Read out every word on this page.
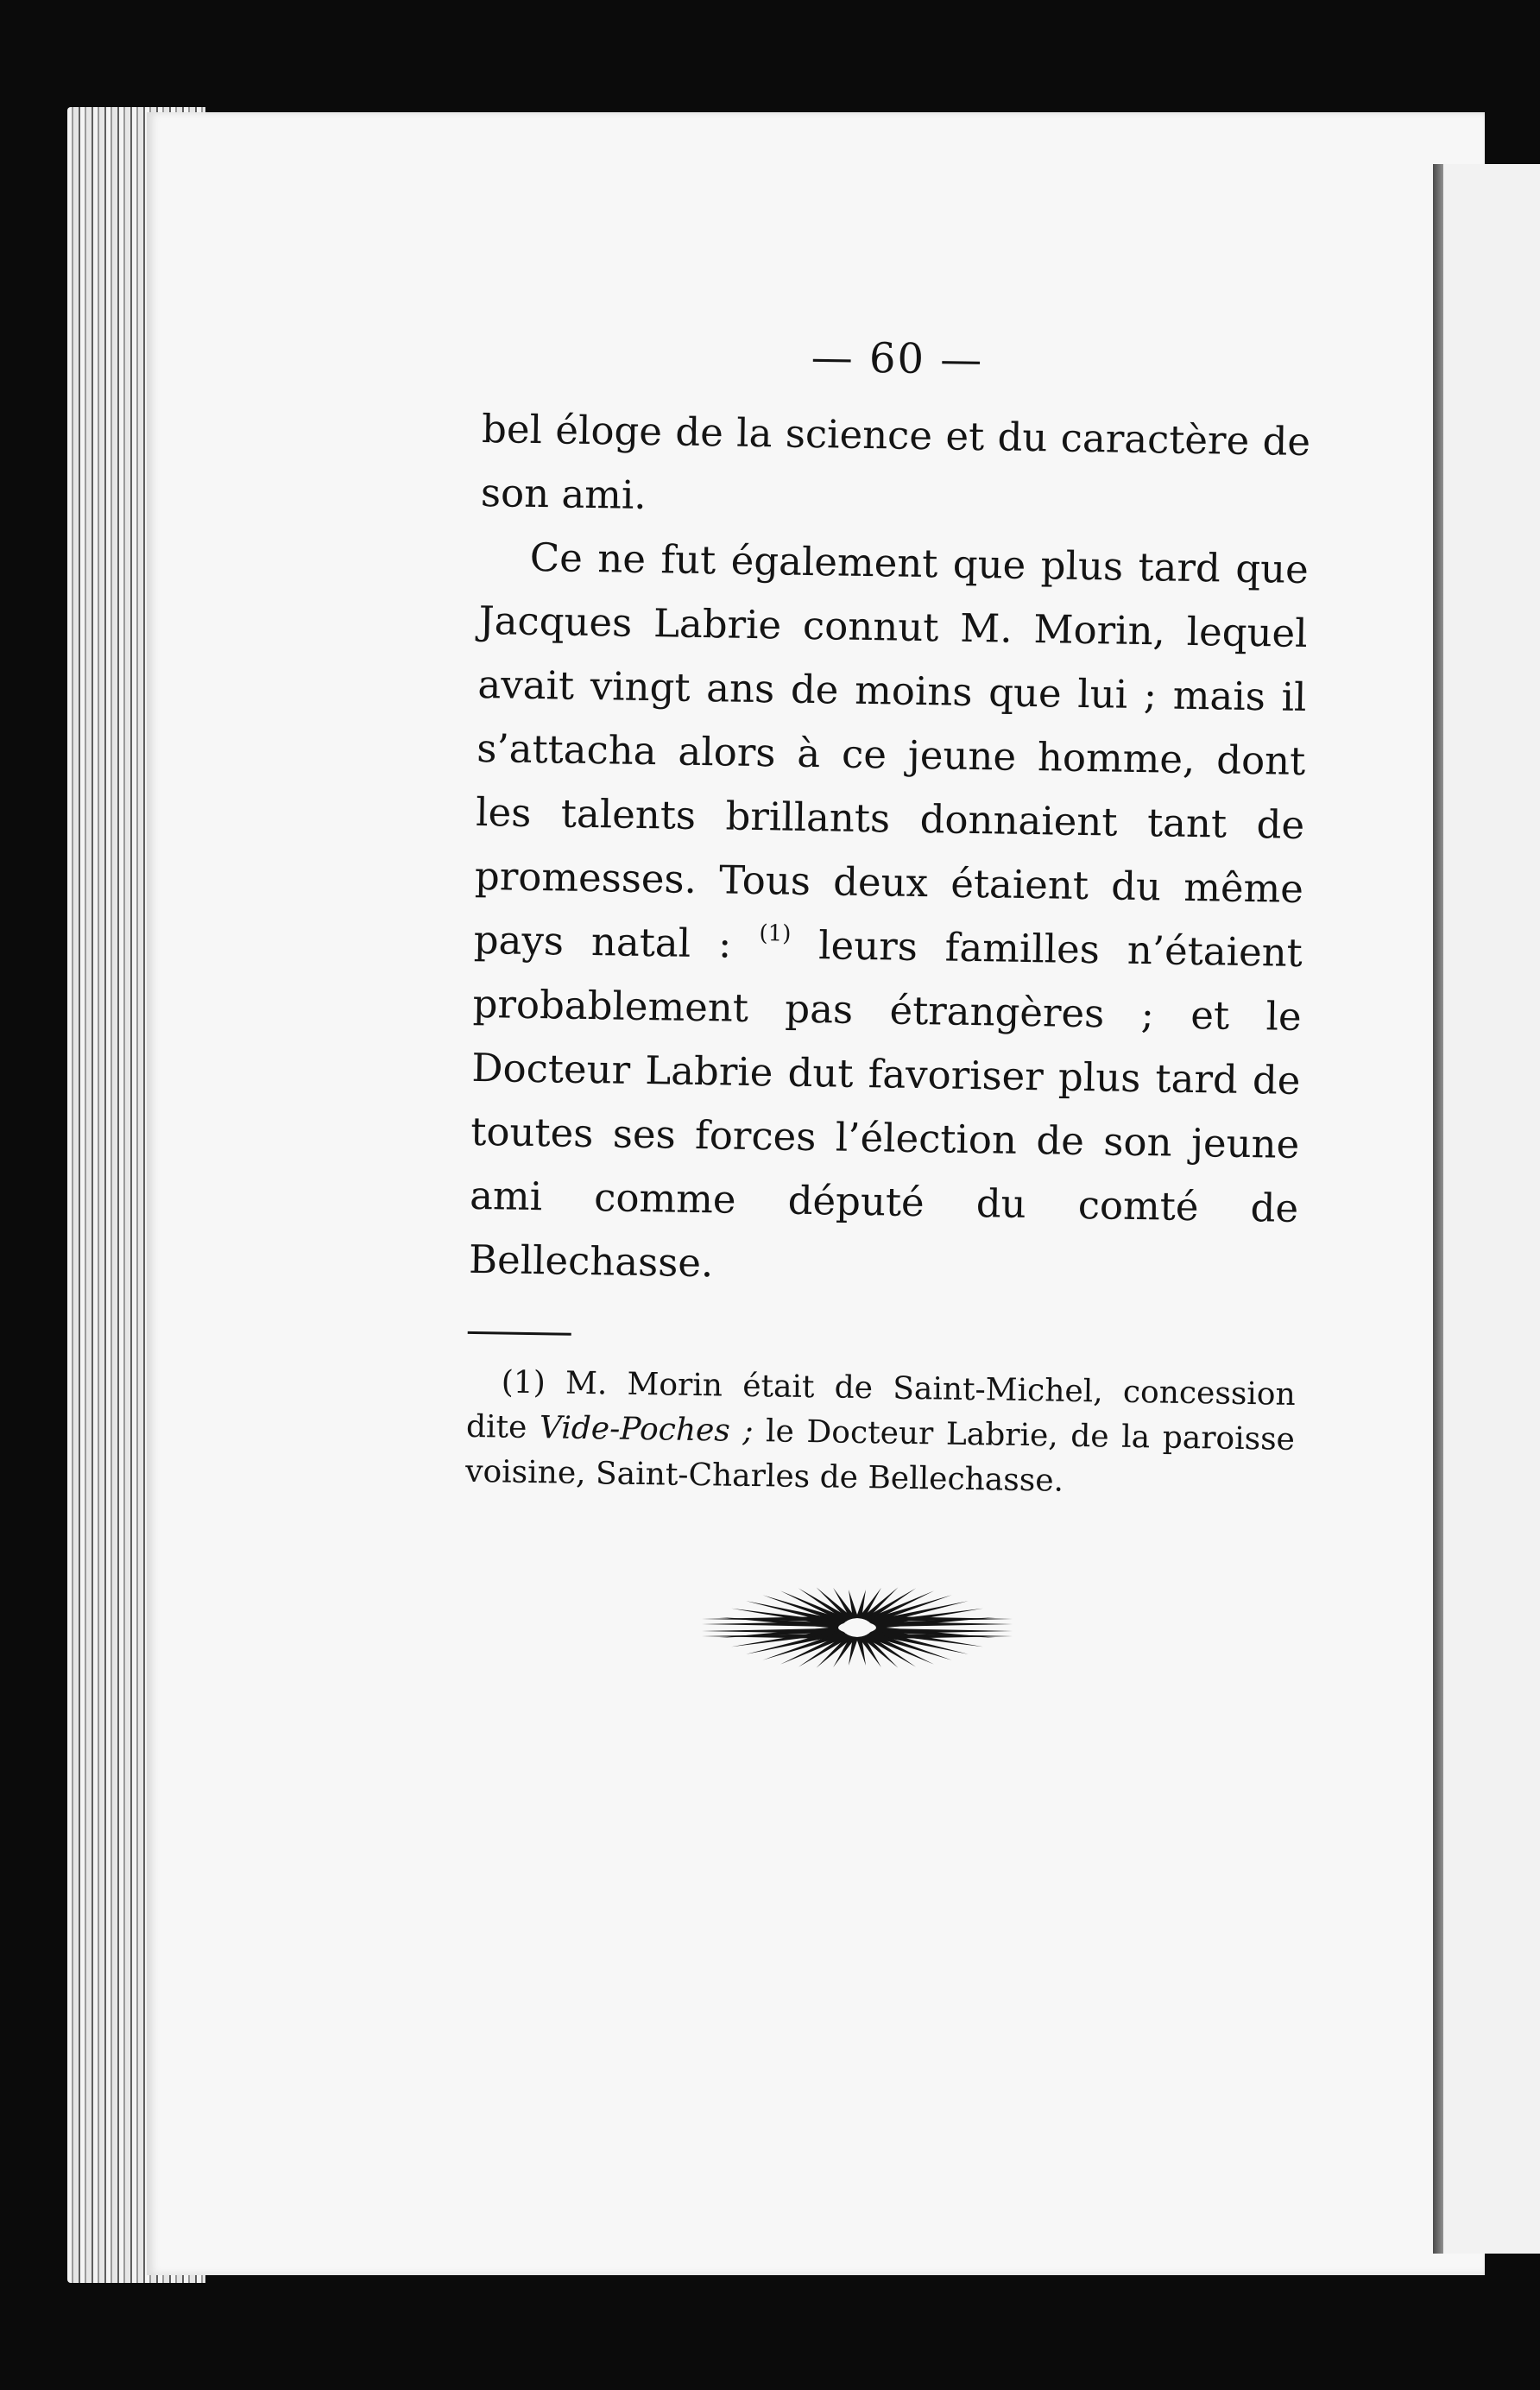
— 60 —

bel éloge de la science et du caractère de son ami.

Ce ne fut également que plus tard que Jacques Labrie connut M. Morin, lequel avait vingt ans de moins que lui ; mais il s’attacha alors à ce jeune homme, dont les talents brillants donnaient tant de promesses. Tous deux étaient du même pays natal : $^{(1)}$ leurs familles n’étaient probablement pas étrangères ; et le Docteur Labrie dut favoriser plus tard de toutes ses forces l’élection de son jeune ami comme député du comté de Bellechasse.

(1) M. Morin était de Saint-Michel, concession dite Vide-Poches ; le Docteur Labrie, de la paroisse voisine, Saint-Charles de Bellechasse.
